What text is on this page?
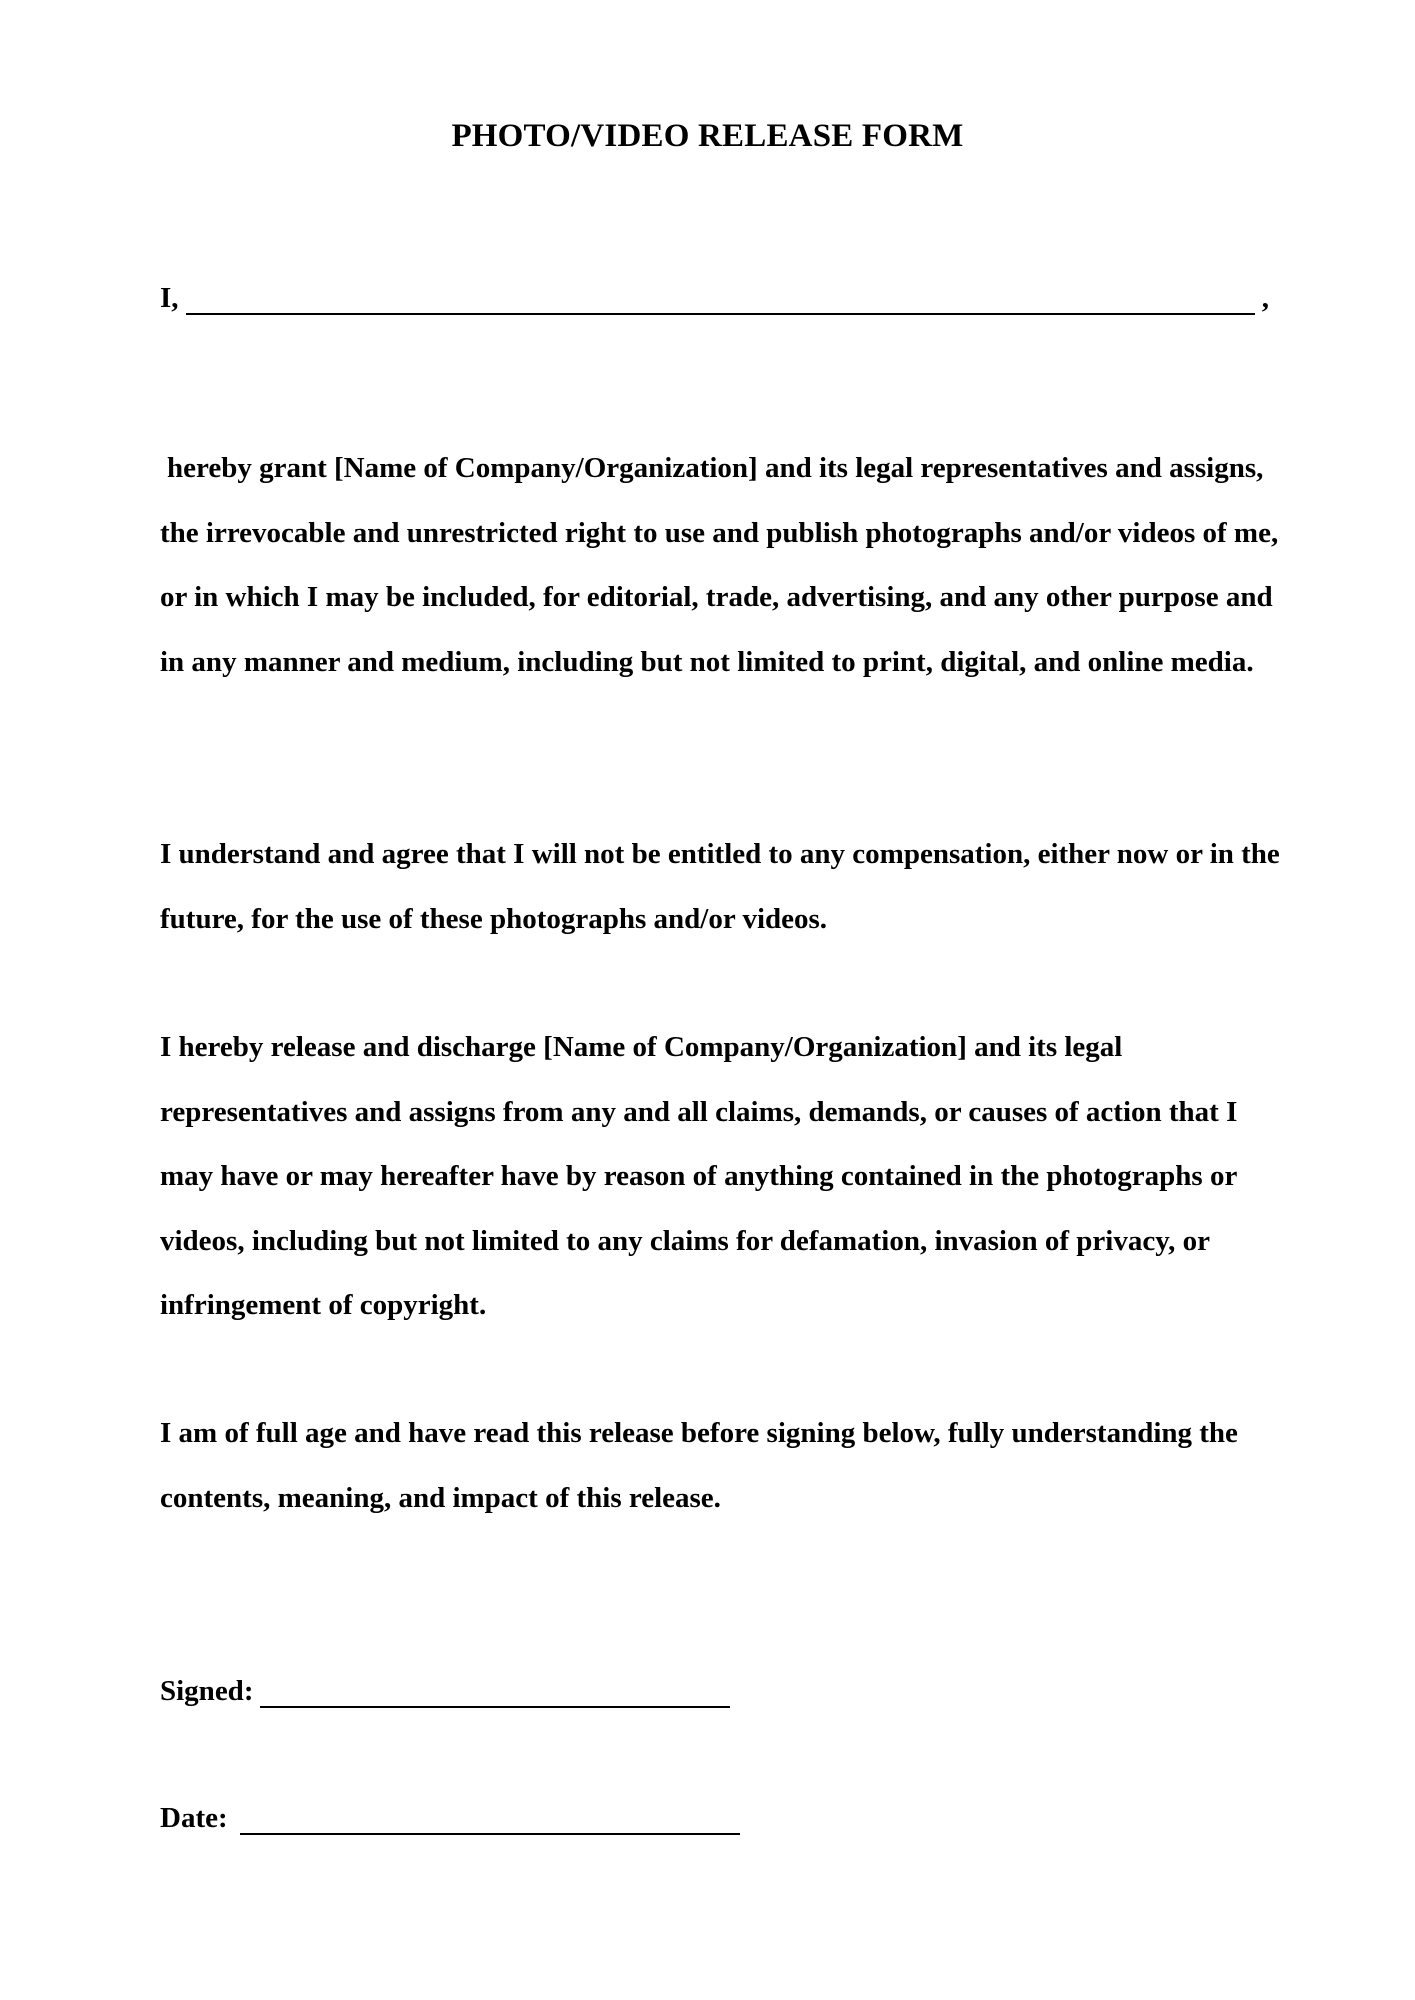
PHOTO/VIDEO RELEASE FORM
I,	,

hereby grant [Name of Company/Organization] and its legal representatives and assigns, the irrevocable and unrestricted right to use and publish photographs and/or videos of me, or in which I may be included, for editorial, trade, advertising, and any other purpose and in any manner and medium, including but not limited to print, digital, and online media.

I understand and agree that I will not be entitled to any compensation, either now or in the future, for the use of these photographs and/or videos.

I hereby release and discharge [Name of Company/Organization] and its legal representatives and assigns from any and all claims, demands, or causes of action that I may have or may hereafter have by reason of anything contained in the photographs or videos, including but not limited to any claims for defamation, invasion of privacy, or infringement of copyright.

I am of full age and have read this release before signing below, fully understanding the contents, meaning, and impact of this release.

Signed:
Date:
